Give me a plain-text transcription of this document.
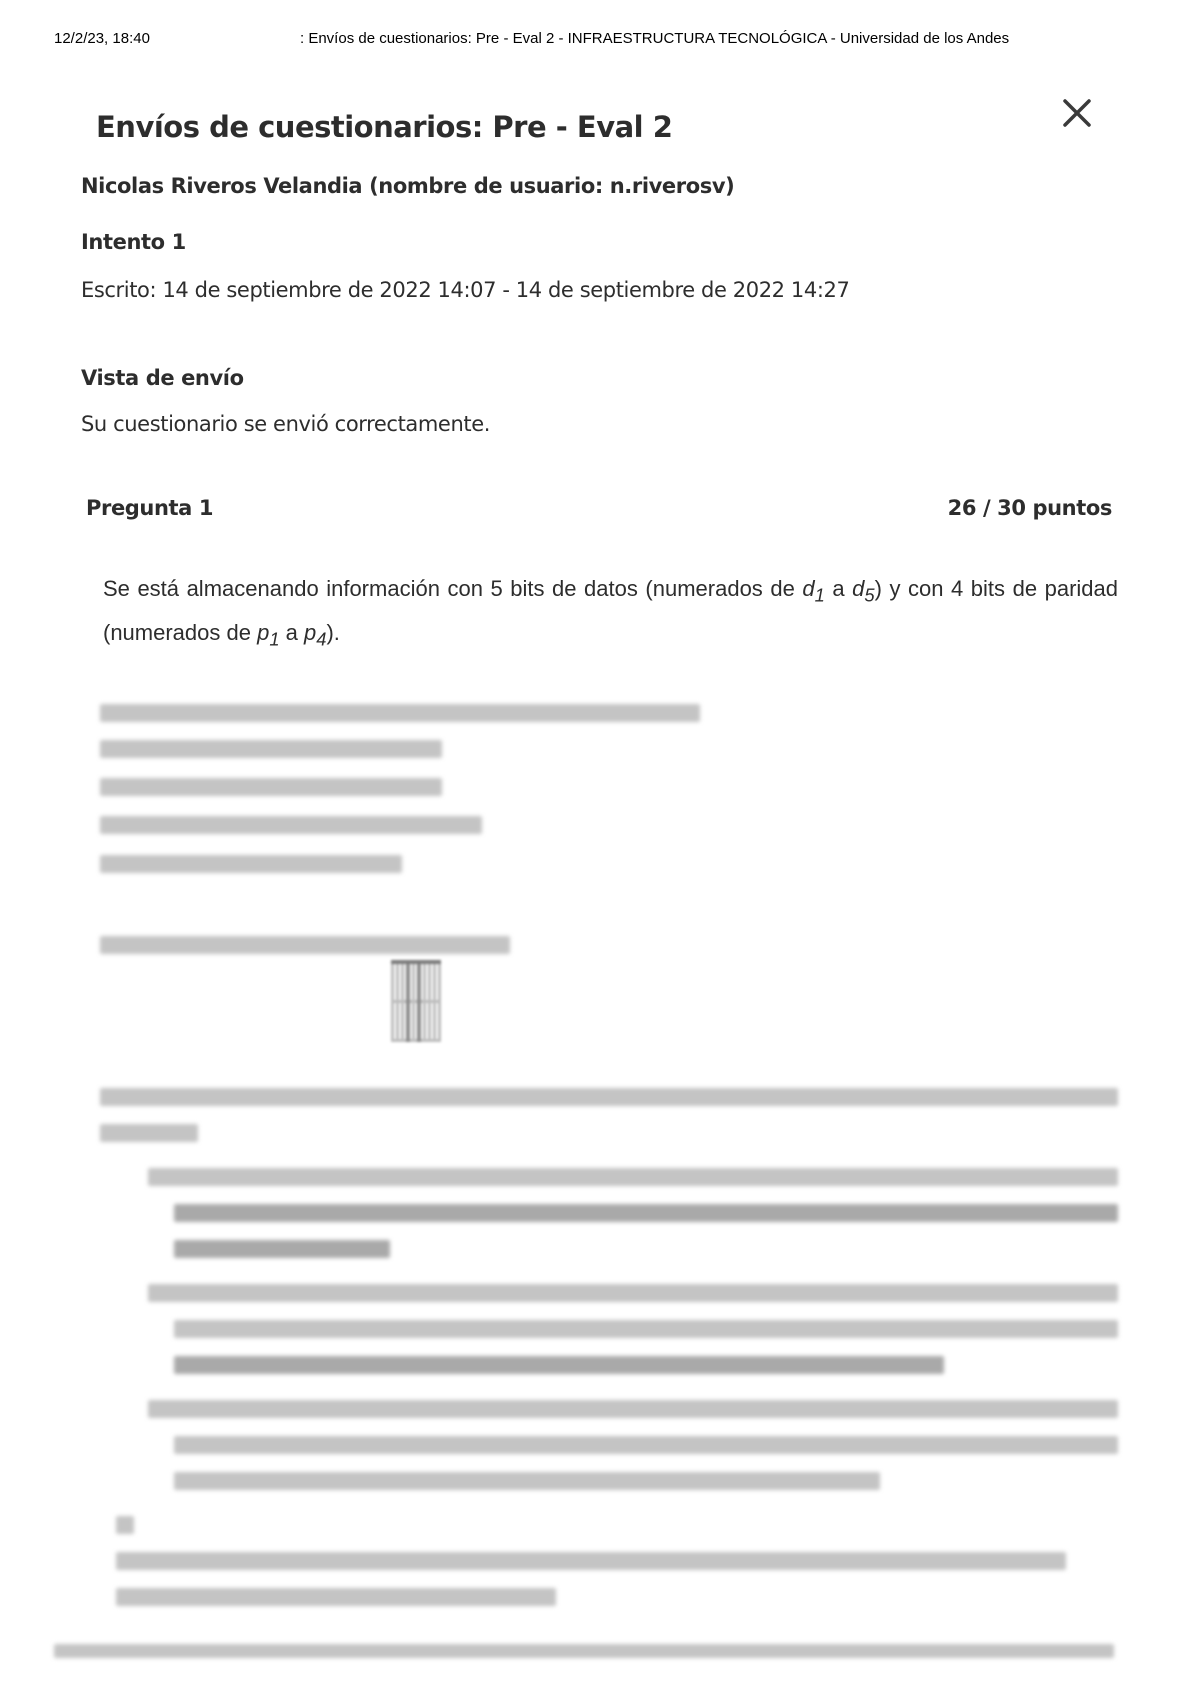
12/2/23, 18:40	: Envíos de cuestionarios: Pre - Eval 2 - INFRAESTRUCTURA TECNOLÓGICA - Universidad de los Andes
Envíos de cuestionarios: Pre - Eval 2
Nicolas Riveros Velandia (nombre de usuario: n.riverosv)
Intento 1
Escrito: 14 de septiembre de 2022 14:07 - 14 de septiembre de 2022 14:27
Vista de envío
Su cuestionario se envió correctamente.
Pregunta 1	26 / 30 puntos
Se está almacenando información con 5 bits de datos (numerados de $d_1$ a $d_5$) y con 4 bits de paridad (numerados de $p_1$ a $p_4$).
